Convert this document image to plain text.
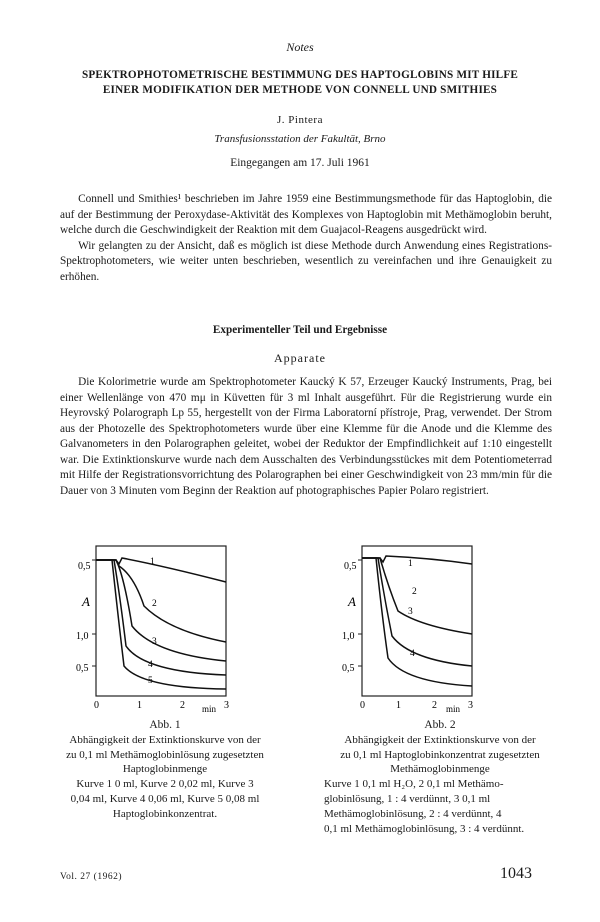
Notes
SPEKTROPHOTOMETRISCHE BESTIMMUNG DES HAPTOGLOBINS MIT HILFE
EINER MODIFIKATION DER METHODE VON CONNELL UND SMITHIES
J. Pintera
Transfusionsstation der Fakultät, Brno
Eingegangen am 17. Juli 1961

Connell und Smithies¹ beschrieben im Jahre 1959 eine Bestimmungsmethode für das Haptoglobin, die auf der Bestimmung der Peroxydase-Aktivität des Komplexes von Haptoglobin mit Methämoglobin beruht, welche durch die Geschwindigkeit der Reaktion mit dem Guajacol-Reagens ausgedrückt wird.

Wir gelangten zu der Ansicht, daß es möglich ist diese Methode durch Anwendung eines Registrations-Spektrophotometers, wie weiter unten beschrieben, wesentlich zu vereinfachen und ihre Genauigkeit zu erhöhen.

Experimenteller Teil und Ergebnisse
Apparate

Die Kolorimetrie wurde am Spektrophotometer Kaucký K 57, Erzeuger Kaucký Instruments, Prag, bei einer Wellenlänge von 470 mμ in Küvetten für 3 ml Inhalt ausgeführt. Für die Registrierung wurde ein Heyrovský Polarograph Lp 55, hergestellt von der Firma Laboratorní přístroje, Prag, verwendet. Der Strom aus der Photozelle des Spektrophotometers wurde über eine Klemme für die Anode und die Klemme des Galvanometers in den Polarographen geleitet, wobei der Reduktor der Empfindlichkeit auf 1:10 eingestellt war. Die Extinktionskurve wurde nach dem Ausschalten des Verbindungsstückes mit dem Potentiometerrad mit Hilfe der Registrationsvorrichtung des Polarographen bei einer Geschwindigkeit von 23 mm/min für die Dauer von 3 Minuten vom Beginn der Reaktion auf photographisches Papier Polaro registriert.

0,5
A
1,0
0,5
1
2
3
4
5
0	1	2	3
min
Abb. 1
Abhängigkeit der Extinktionskurve von der
zu 0,1 ml Methämoglobinlösung zugesetzten
Haptoglobinmenge
Kurve 1 0 ml, Kurve 2 0,02 ml, Kurve 3
0,04 ml, Kurve 4 0,06 ml, Kurve 5 0,08 ml
Haptoglobinkonzentrat.
0,5
A
1,0
0,5
1
2
3
4
0	1	2	3
min
Abb. 2
Abhängigkeit der Extinktionskurve von der
zu 0,1 ml Haptoglobinkonzentrat zugesetzten
Methämoglobinmenge
Kurve 1 0,1 ml H₂O, 2 0,1 ml Methämo-
globinlösung, 1 : 4 verdünnt, 3 0,1 ml
Methämoglobinlösung, 2 : 4 verdünnt, 4
0,1 ml Methämoglobinlösung, 3 : 4 verdünnt.
Vol. 27 (1962)	1043
